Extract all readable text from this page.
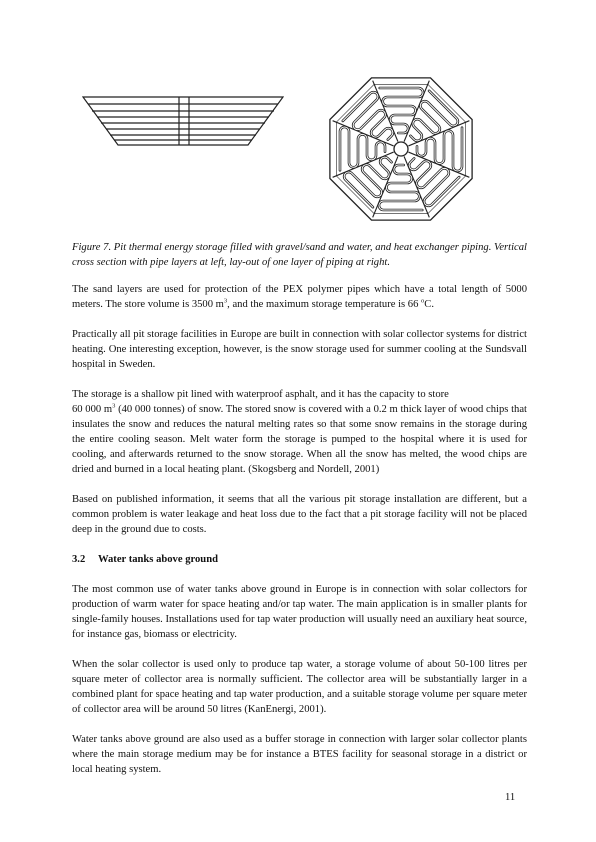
Figure 7. Pit thermal energy storage filled with gravel/sand and water, and heat exchanger piping. Vertical cross section with pipe layers at left, lay-out of one layer of piping at right.

The sand layers are used for protection of the PEX polymer pipes which have a total length of 5000 meters. The store volume is 3500 $m^3$, and the maximum storage temperature is 66 $^o$C.

Practically all pit storage facilities in Europe are built in connection with solar collector systems for district heating. One interesting exception, however, is the snow storage used for summer cooling at the Sundsvall hospital in Sweden.

The storage is a shallow pit lined with waterproof asphalt, and it has the capacity to store
60 000 $m^3$ (40 000 tonnes) of snow. The stored snow is covered with a 0.2 m thick layer of wood chips that insulates the snow and reduces the natural melting rates so that some snow remains in the storage during the entire cooling season. Melt water form the storage is pumped to the hospital where it is used for cooling, and afterwards returned to the snow storage. When all the snow has melted, the wood chips are dried and burned in a local heating plant. (Skogsberg and Nordell, 2001)

Based on published information, it seems that all the various pit storage installation are different, but a common problem is water leakage and heat loss due to the fact that a pit storage facility will not be placed deep in the ground due to costs.

3.2 Water tanks above ground

The most common use of water tanks above ground in Europe is in connection with solar collectors for production of warm water for space heating and/or tap water. The main application is in smaller plants for single-family houses. Installations used for tap water production will usually need an auxiliary heat source, for instance gas, biomass or electricity.

When the solar collector is used only to produce tap water, a storage volume of about 50-100 litres per square meter of collector area is normally sufficient. The collector area will be substantially larger in a combined plant for space heating and tap water production, and a suitable storage volume per square meter of collector area will be around 50 litres (KanEnergi, 2001).

Water tanks above ground are also used as a buffer storage in connection with larger solar collector plants where the main storage medium may be for instance a BTES facility for seasonal storage in a district or local heating system.

11
